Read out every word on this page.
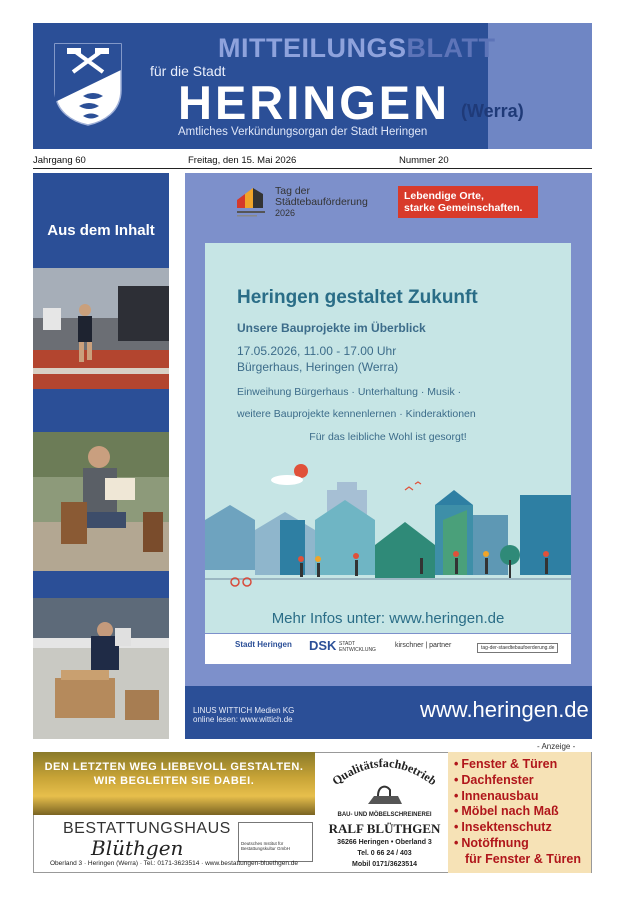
MITTEILUNGSBLATT
für die Stadt
HERINGEN (Werra)
Amtliches Verkündungsorgan der Stadt Heringen
Jahrgang 60	Freitag, den 15. Mai 2026	Nummer 20
Aus dem Inhalt
Tag der
Städtebauförderung
2026
Lebendige Orte,
starke Gemeinschaften.
Heringen gestaltet Zukunft
Unsere Bauprojekte im Überblick
17.05.2026, 11.00 - 17.00 Uhr
Bürgerhaus, Heringen (Werra)
Einweihung Bürgerhaus · Unterhaltung · Musik ·
weitere Bauprojekte kennenlernen · Kinderaktionen
Für das leibliche Wohl ist gesorgt!
Mehr Infos unter: www.heringen.de
Stadt Heringen DSK STADT ENTWICKLUNG
kirschner | partner	tag-der-staedtebaufoerderung.de
LINUS WITTICH Medien KG
online lesen: www.wittich.de	www.heringen.de
- Anzeige -
DEN LETZTEN WEG LIEBEVOLL GESTALTEN.
WIR BEGLEITEN SIE DABEI.
BESTATTUNGSHAUS
Blüthgen	Deutsches Institut für Bestattungskultur GmbH
Oberland 3 · Heringen (Werra) · Tel.: 0171-3623514 · www.bestattungen-bluethgen.de
Qualitätsfachbetrieb
BAU- UND MÖBELSCHREINEREI
RALF BLÜTHGEN
36266 Heringen • Oberland 3
Tel. 0 66 24 / 403
Mobil 0171/3623514
• Fenster & Türen
• Dachfenster
• Innenausbau
• Möbel nach Maß
• Insektenschutz
• Notöffnung
für Fenster & Türen
